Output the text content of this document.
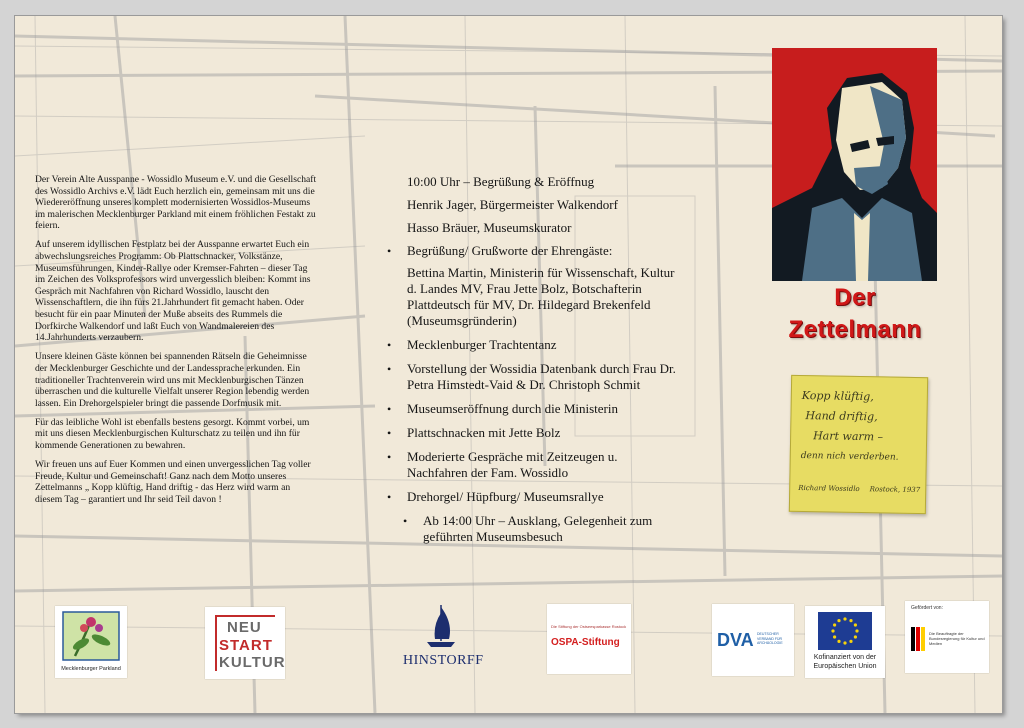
Der Verein Alte Ausspanne - Wossidlo Museum e.V. und die Gesellschaft des Wossidlo Archivs e.V. lädt Euch herzlich ein, gemeinsam mit uns die Wiedereröffnung unseres komplett modernisierten Wossidlos-Museums im malerischen Mecklenburger Parkland mit einem fröhlichen Festakt zu feiern.

Auf unserem idyllischen Festplatz bei der Ausspanne erwartet Euch ein abwechslungsreiches Programm: Ob Plattschnacker, Volkstänze, Museumsführungen, Kinder-Rallye oder Kremser-Fahrten – dieser Tag im Zeichen des Volksprofessors wird unvergesslich bleiben: Kommt ins Gespräch mit Nachfahren von Richard Wossidlo, lauscht den Wissenschaftlern, die ihn fürs 21.Jahrhundert fit gemacht haben. Oder besucht für ein paar Minuten der Muße abseits des Rummels die Dorfkirche Walkendorf und laßt Euch von Wandmalereien des 14.Jahrhunderts verzaubern.

Unsere kleinen Gäste können bei spannenden Rätseln die Geheimnisse der Mecklenburger Geschichte und der Landessprache erkunden. Ein traditioneller Trachtenverein wird uns mit Mecklenburgischen Tänzen überraschen und die kulturelle Vielfalt unserer Region lebendig werden lassen. Ein Drehorgelspieler bringt die passende Dorfmusik mit.

Für das leibliche Wohl ist ebenfalls bestens gesorgt. Kommt vorbei, um mit uns diesen Mecklenburgischen Kulturschatz zu teilen und ihn für kommende Generationen zu bewahren.

Wir freuen uns auf Euer Kommen und einen unvergesslichen Tag voller Freude, Kultur und Gemeinschaft! Ganz nach dem Motto unseres Zettelmanns „ Kopp klüftig, Hand driftig - das Herz wird warm an diesem Tag – garantiert und Ihr seid Teil davon !

10:00 Uhr – Begrüßung & Eröffnug
Henrik Jager, Bürgermeister Walkendorf
Hasso Bräuer, Museumskurator
• Begrüßung/ Grußworte der Ehrengäste:
Bettina Martin, Ministerin für Wissenschaft, Kultur d. Landes MV, Frau Jette Bolz, Botschafterin Plattdeutsch für MV, Dr. Hildegard Brekenfeld (Museumsgründerin)
• Mecklenburger Trachtentanz
• Vorstellung der Wossidia Datenbank durch Frau Dr. Petra Himstedt-Vaid & Dr. Christoph Schmit
• Museumseröffnung durch die Ministerin
• Plattschnacken mit Jette Bolz
• Moderierte Gespräche mit Zeitzeugen u. Nachfahren der Fam. Wossidlo
• Drehorgel/ Hüpfburg/ Museumsrallye
• Ab 14:00 Uhr – Ausklang, Gelegenheit zum geführten Museumsbesuch
Der
Zettelmann
Kopp klüftig,
Hand driftig,
Hart warm –
denn nich verderben.
Richard Wossidlo Rostock, 1937
Mecklenburger Parkland
NEU
START
KULTUR	HINSTORFF
Die Stiftung der Ostseesparkasse Rostock
OSPA-Stiftung	DVA DEUTSCHER VERBAND FÜR ARCHÄOLOGIE
Kofinanziert von der
Europäischen Union
Gefördert von:
Die Beauftragte der Bundesregierung für Kultur und Medien
